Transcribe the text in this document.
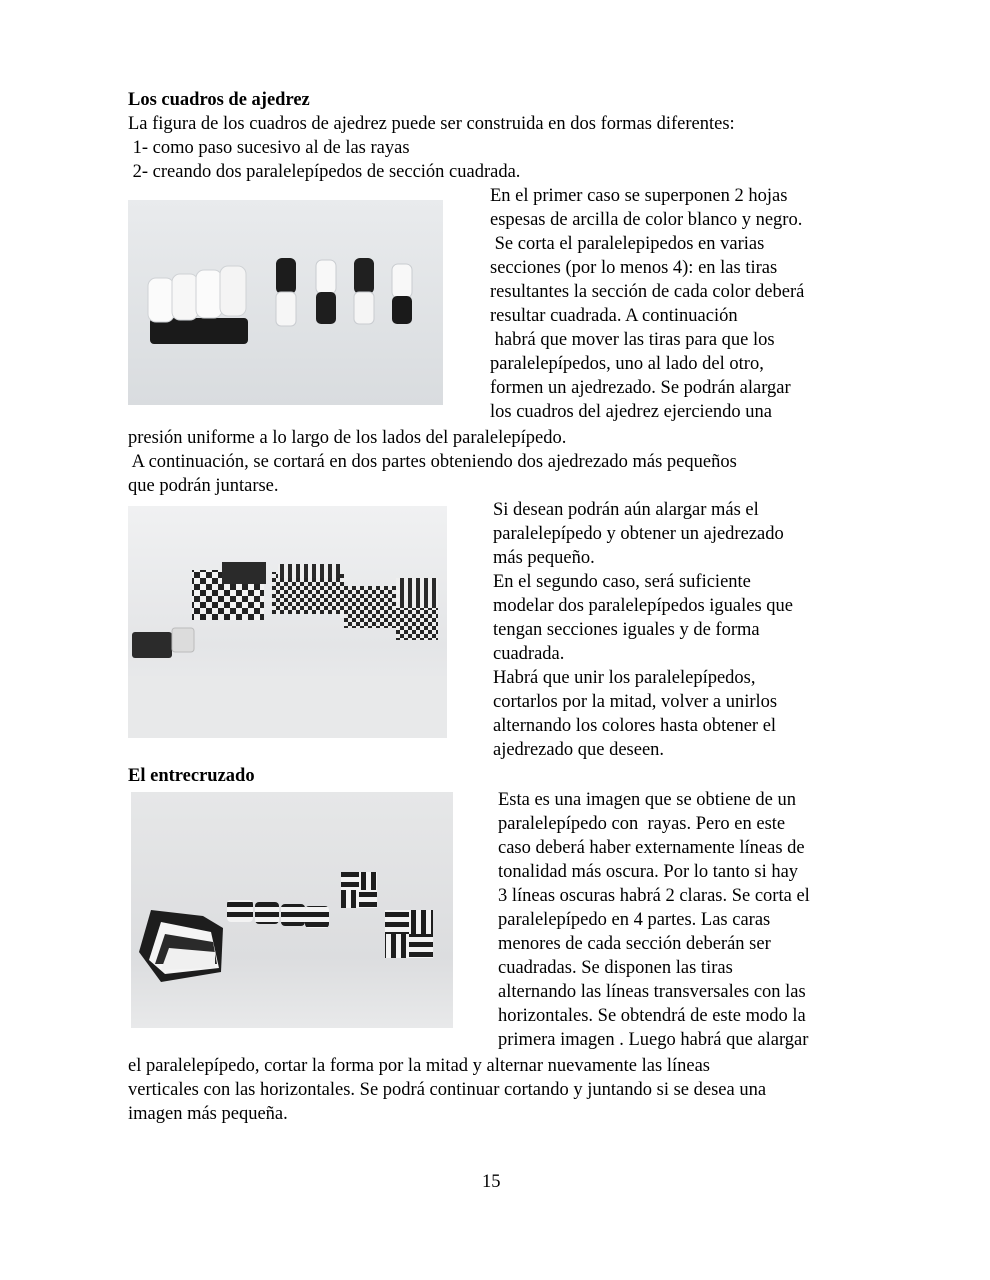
Los cuadros de ajedrez
La figura de los cuadros de ajedrez puede ser construida en dos formas diferentes:
1- como paso sucesivo al de las rayas
2- creando dos paralelepípedos de sección cuadrada.
En el primer caso se superponen 2 hojas
espesas de arcilla de color blanco y negro.
Se corta el paralelepipedos en varias
secciones (por lo menos 4): en las tiras
resultantes la sección de cada color deberá
resultar cuadrada. A continuación
habrá que mover las tiras para que los
paralelepípedos, uno al lado del otro,
formen un ajedrezado. Se podrán alargar
los cuadros del ajedrez ejerciendo una
presión uniforme a lo largo de los lados del paralelepípedo.
A continuación, se cortará en dos partes obteniendo dos ajedrezado más pequeños
que podrán juntarse.
Si desean podrán aún alargar más el
paralelepípedo y obtener un ajedrezado
más pequeño.
En el segundo caso, será suficiente
modelar dos paralelepípedos iguales que
tengan secciones iguales y de forma
cuadrada.
Habrá que unir los paralelepípedos,
cortarlos por la mitad, volver a unirlos
alternando los colores hasta obtener el
ajedrezado que deseen.
El entrecruzado
Esta es una imagen que se obtiene de un
paralelepípedo con  rayas. Pero en este
caso deberá haber externamente líneas de
tonalidad más oscura. Por lo tanto si hay
3 líneas oscuras habrá 2 claras. Se corta el
paralelepípedo en 4 partes. Las caras
menores de cada sección deberán ser
cuadradas. Se disponen las tiras
alternando las líneas transversales con las
horizontales. Se obtendrá de este modo la
primera imagen . Luego habrá que alargar
el paralelepípedo, cortar la forma por la mitad y alternar nuevamente las líneas
verticales con las horizontales. Se podrá continuar cortando y juntando si se desea una
imagen más pequeña.
15
